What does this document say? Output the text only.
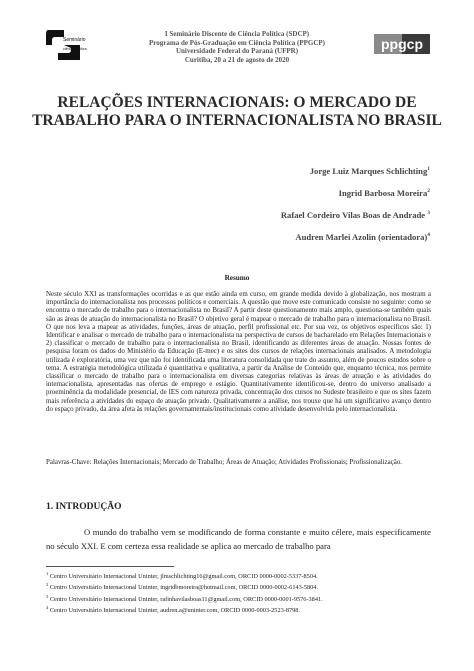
Seminário
ciência política
I Seminário Discente de Ciência Política (SDCP)
Programa de Pós-Graduação em Ciência Política (PPGCP)
Universidade Federal do Paraná (UFPR)
Curitiba, 20 a 21 de agosto de 2020
ppgcp
RELAÇÕES INTERNACIONAIS: O MERCADO DE
TRABALHO PARA O INTERNACIONALISTA NO BRASIL
Jorge Luiz Marques Schlichting$^1$
Ingrid Barbosa Moreira$^2$
Rafael Cordeiro Vilas Boas de Andrade $^3$
Audren Marlei Azolin (orientadora)$^4$
Resumo
Neste século XXI as transformações ocorridas e as que estão ainda em curso, em grande medida devido à globalização, nos mostram a importância do internacionalista nos processos políticos e comerciais. A questão que move este comunicado consiste no seguinte: como se encontra o mercado de trabalho para o internacionalista no Brasil? A partir deste questionamento mais amplo, questiona-se também quais são as áreas de atuação do internacionalista no Brasil? O objetivo geral é mapear o mercado de trabalho para o internacionalista no Brasil. O que nos leva a mapear as atividades, funções, áreas de atuação, perfil profissional etc. Por sua vez, os objetivos específicos são: 1) Identificar e analisar o mercado de trabalho para o internacionalista na perspectiva de cursos de bacharelado em Relações Internacionais e 2) classificar o mercado de trabalho para o internacionalista no Brasil, identificando as diferentes áreas de atuação. Nossas fontes de pesquisa foram os dados do Ministério da Educação (E-mec) e os sites dos cursos de relações internacionais analisados. A metodologia utilizada é exploratória, uma vez que não foi identificada uma literatura consolidada que trate do assunto, além de poucos estudos sobre o tema. A estratégia metodológica utilizada é quantitativa e qualitativa, a partir da Análise de Conteúdo que, enquanto técnica, nos permite classificar o mercado de trabalho para o internacionalista em diversas categorias relativas às áreas de atuação e às atividades do internacionalista, apresentadas nas ofertas de emprego e estágio. Quantitativamente identificou-se, dentro do universo analisado a proeminência da modalidade presencial, de IES com natureza privada, concentração dos cursos no Sudeste brasileiro e que os sites fazem mais referência a atividades do espaço de atuação privado. Qualitativamente a análise, nos trouxe que há um significativo avanço dentro do espaço privado, da área afeta às relações governamentais/institucionais como atividade desenvolvida pelo internacionalista.
Palavras-Chave: Relações Internacionais; Mercado de Trabalho; Áreas de Atuação; Atividades Profissionais; Profissionalização.
1. INTRODUÇÃO
O mundo do trabalho vem se modificando de forma constante e muito célere, mais especificamente no século XXI. E com certeza essa realidade se aplica ao mercado de trabalho para
$^1$ Centro Universitário Internacional Uninter, jlmschlichting16@gmail.com, ORCID 0000-0002-5337-8504.
$^2$ Centro Universitário Internacional Uninter, ingridbmoreira@hotmail.com, ORCID 0000-0002-6143-5804.
$^3$ Centro Universitário Internacional Uninter, rafinhavilasboas11@gmail.com, ORCID 0000-0001-9576-3841.
$^4$ Centro Universitário Internacional Uninter, audren.a@uninter.com, ORCID 0000-0003-2523-8798.
